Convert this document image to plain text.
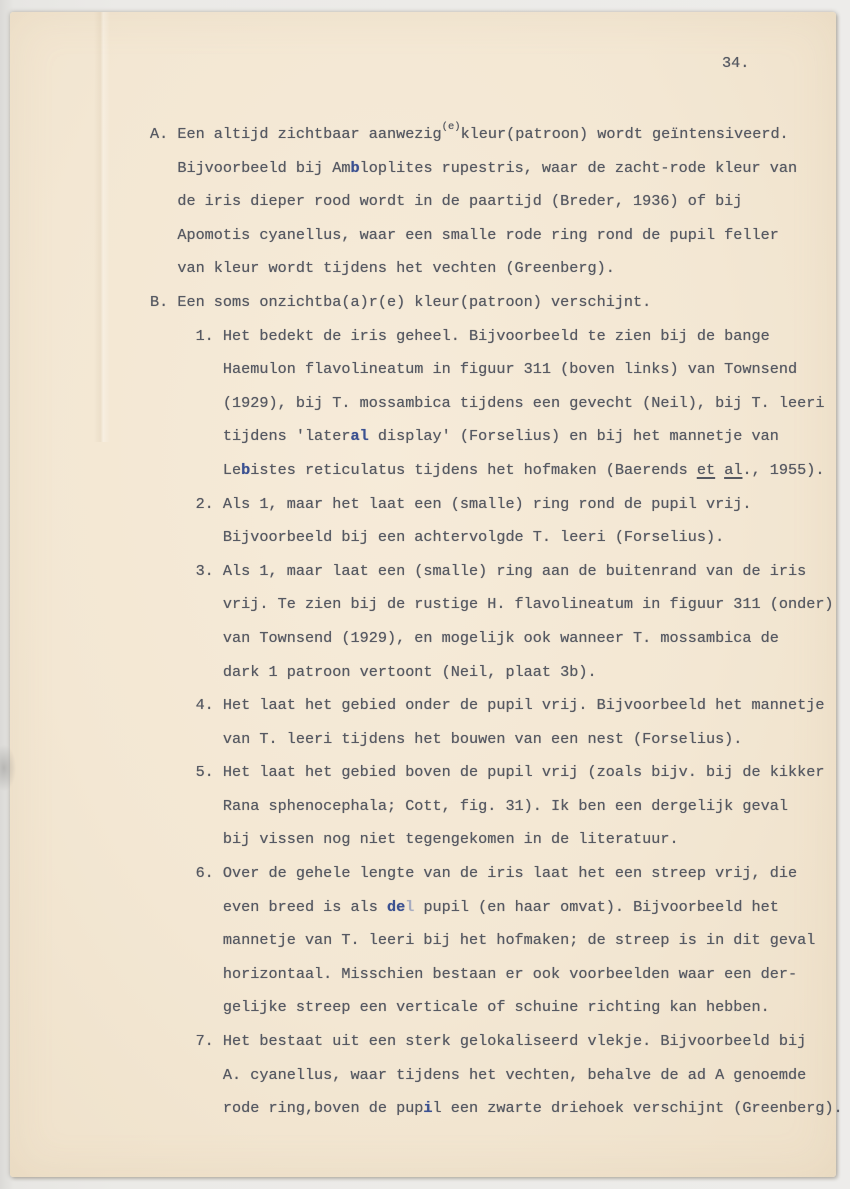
34.
A. Een altijd zichtbaar aanwezig(e)kleur(patroon) wordt geïntensiveerd.
Bijvoorbeeld bij Ambloplites rupestris, waar de zacht-rode kleur van
de iris dieper rood wordt in de paartijd (Breder, 1936) of bij
Apomotis cyanellus, waar een smalle rode ring rond de pupil feller
van kleur wordt tijdens het vechten (Greenberg).
B. Een soms onzichtba(a)r(e) kleur(patroon) verschijnt.
1. Het bedekt de iris geheel. Bijvoorbeeld te zien bij de bange
Haemulon flavolineatum in figuur 311 (boven links) van Townsend
(1929), bij T. mossambica tijdens een gevecht (Neil), bij T. leeri
tijdens 'lateral display' (Forselius) en bij het mannetje van
Lebistes reticulatus tijdens het hofmaken (Baerends et al., 1955).
2. Als 1, maar het laat een (smalle) ring rond de pupil vrij.
Bijvoorbeeld bij een achtervolgde T. leeri (Forselius).
3. Als 1, maar laat een (smalle) ring aan de buitenrand van de iris
vrij. Te zien bij de rustige H. flavolineatum in figuur 311 (onder)
van Townsend (1929), en mogelijk ook wanneer T. mossambica de
dark 1 patroon vertoont (Neil, plaat 3b).
4. Het laat het gebied onder de pupil vrij. Bijvoorbeeld het mannetje
van T. leeri tijdens het bouwen van een nest (Forselius).
5. Het laat het gebied boven de pupil vrij (zoals bijv. bij de kikker
Rana sphenocephala; Cott, fig. 31). Ik ben een dergelijk geval
bij vissen nog niet tegengekomen in de literatuur.
6. Over de gehele lengte van de iris laat het een streep vrij, die
even breed is als del pupil (en haar omvat). Bijvoorbeeld het
mannetje van T. leeri bij het hofmaken; de streep is in dit geval
horizontaal. Misschien bestaan er ook voorbeelden waar een der-
gelijke streep een verticale of schuine richting kan hebben.
7. Het bestaat uit een sterk gelokaliseerd vlekje. Bijvoorbeeld bij
A. cyanellus, waar tijdens het vechten, behalve de ad A genoemde
rode ring,boven de pupil een zwarte driehoek verschijnt (Greenberg).
